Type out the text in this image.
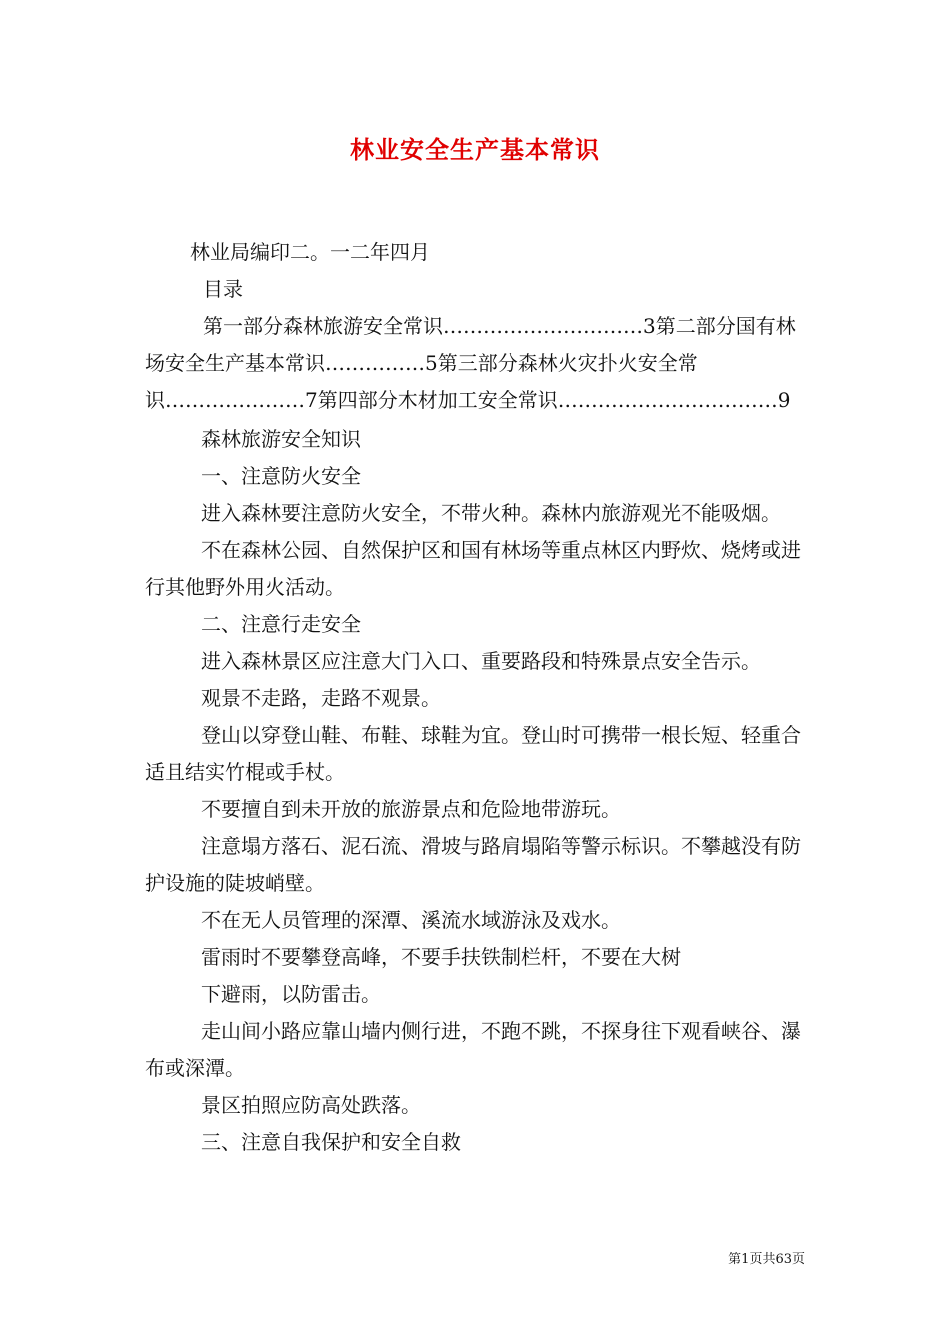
林业安全生产基本常识

林业局编印二。一二年四月

目录

第一部分森林旅游安全常识…………………………3第二部分国有林场安全生产基本常识……………5第三部分森林火灾扑火安全常识…………………7第四部分木材加工安全常识……………………………9

森林旅游安全知识

一、注意防火安全

进入森林要注意防火安全，不带火种。森林内旅游观光不能吸烟。

不在森林公园、自然保护区和国有林场等重点林区内野炊、烧烤或进行其他野外用火活动。

二、注意行走安全

进入森林景区应注意大门入口、重要路段和特殊景点安全告示。

观景不走路，走路不观景。

登山以穿登山鞋、布鞋、球鞋为宜。登山时可携带一根长短、轻重合适且结实竹棍或手杖。

不要擅自到未开放的旅游景点和危险地带游玩。

注意塌方落石、泥石流、滑坡与路肩塌陷等警示标识。不攀越没有防护设施的陡坡峭壁。

不在无人员管理的深潭、溪流水域游泳及戏水。

雷雨时不要攀登高峰，不要手扶铁制栏杆，不要在大树

下避雨，以防雷击。

走山间小路应靠山墙内侧行进，不跑不跳，不探身往下观看峡谷、瀑布或深潭。

景区拍照应防高处跌落。

三、注意自我保护和安全自救

第1页共63页
